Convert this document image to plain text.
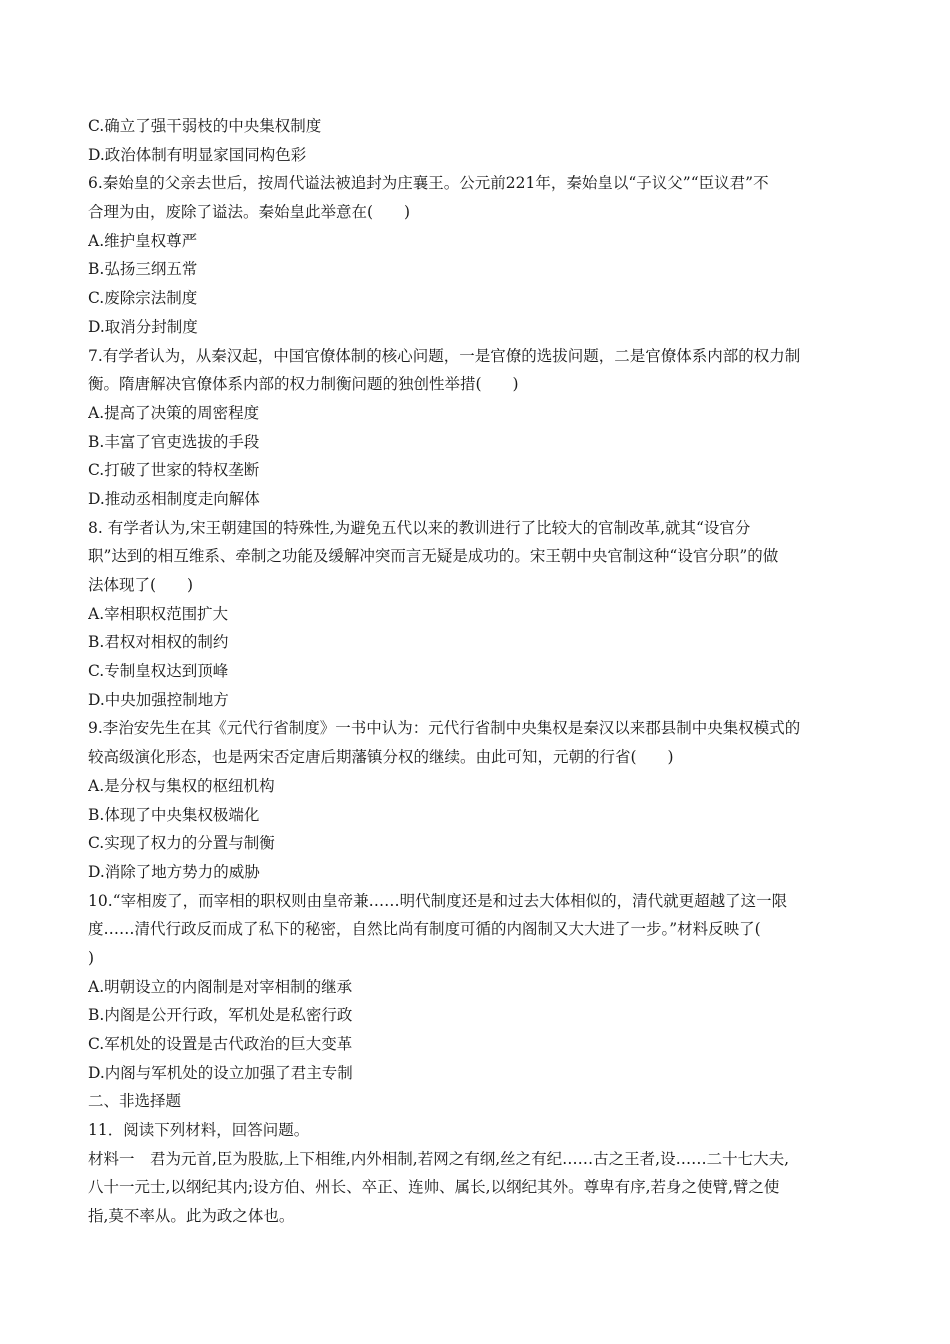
C.确立了强干弱枝的中央集权制度
D.政治体制有明显家国同构色彩
6.秦始皇的父亲去世后，按周代谥法被追封为庄襄王。公元前221年，秦始皇以“子议父”“臣议君”不
合理为由，废除了谥法。秦始皇此举意在(　　)
A.维护皇权尊严
B.弘扬三纲五常
C.废除宗法制度
D.取消分封制度
7.有学者认为，从秦汉起，中国官僚体制的核心问题，一是官僚的选拔问题，二是官僚体系内部的权力制
衡。隋唐解决官僚体系内部的权力制衡问题的独创性举措(　　)
A.提高了决策的周密程度
B.丰富了官吏选拔的手段
C.打破了世家的特权垄断
D.推动丞相制度走向解体
8. 有学者认为,宋王朝建国的特殊性,为避免五代以来的教训进行了比较大的官制改革,就其“设官分
职”达到的相互维系、牵制之功能及缓解冲突而言无疑是成功的。宋王朝中央官制这种“设官分职”的做
法体现了(　　)
A.宰相职权范围扩大
B.君权对相权的制约
C.专制皇权达到顶峰
D.中央加强控制地方
9.李治安先生在其《元代行省制度》一书中认为：元代行省制中央集权是秦汉以来郡县制中央集权模式的
较高级演化形态，也是两宋否定唐后期藩镇分权的继续。由此可知，元朝的行省(　　)
A.是分权与集权的枢纽机构
B.体现了中央集权极端化
C.实现了权力的分置与制衡
D.消除了地方势力的威胁
10.“宰相废了，而宰相的职权则由皇帝兼……明代制度还是和过去大体相似的，清代就更超越了这一限
度……清代行政反而成了私下的秘密，自然比尚有制度可循的内阁制又大大进了一步。”材料反映了(
)
A.明朝设立的内阁制是对宰相制的继承
B.内阁是公开行政，军机处是私密行政
C.军机处的设置是古代政治的巨大变革
D.内阁与军机处的设立加强了君主专制
二、非选择题
11．阅读下列材料，回答问题。
材料一　君为元首,臣为股肱,上下相维,内外相制,若网之有纲,丝之有纪……古之王者,设……二十七大夫,
八十一元士,以纲纪其内;设方伯、州长、卒正、连帅、属长,以纲纪其外。尊卑有序,若身之使臂,臂之使
指,莫不率从。此为政之体也。
